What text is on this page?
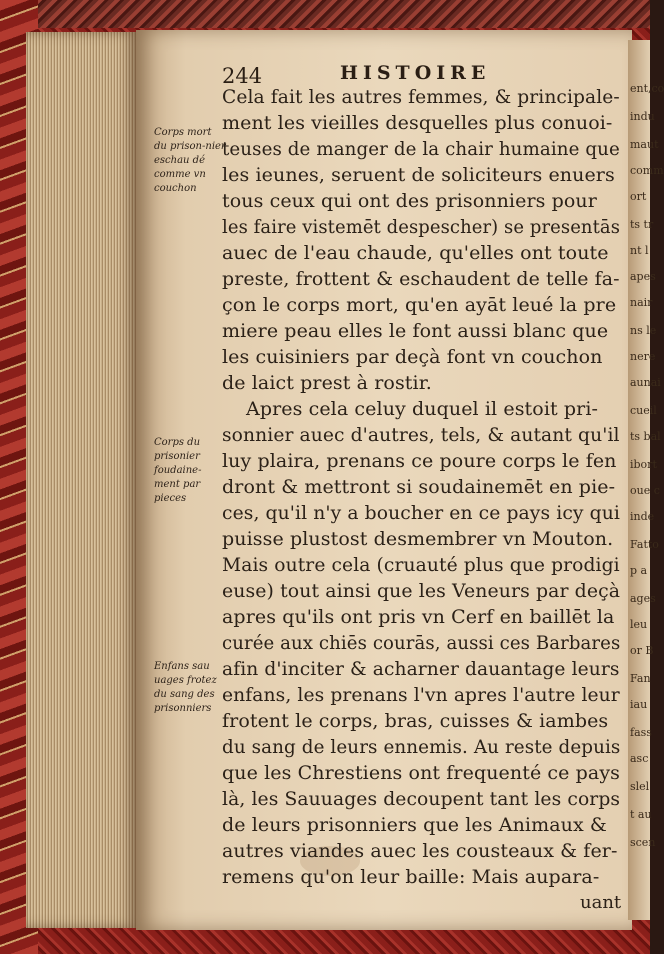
ent,co
indu
maut
comm
ort
ts tr
nt l
apes
nair
ns le
nere
aunai
cueil
ts bal
ibort
oue c
inde
Fatto
p a
ages
leu
or B
Fan
iau
fass
asc
slel
t au
scen
244	HISTOIRE
Corps mort du prison-nier eschau dé comme vn couchon
Corps du prisonier foudaine-ment par pieces
Enfans sau uages frotez du sang des prisonniers
Cela fait les autres femmes, & principale-
ment les vieilles desquelles plus conuoi-
teuses de manger de la chair humaine que
les ieunes, seruent de soliciteurs enuers
tous ceux qui ont des prisonniers pour
les faire vistemēt despescher) se presentās
auec de l'eau chaude, qu'elles ont toute
preste, frottent & eschaudent de telle fa-
çon le corps mort, qu'en ayāt leué la pre
miere peau elles le font aussi blanc que
les cuisiniers par deçà font vn couchon
de laict prest à rostir.
Apres cela celuy duquel il estoit pri-
sonnier auec d'autres, tels, & autant qu'il
luy plaira, prenans ce poure corps le fen
dront & mettront si soudainemēt en pie-
ces, qu'il n'y a boucher en ce pays icy qui
puisse plustost desmembrer vn Mouton.
Mais outre cela (cruauté plus que prodigi
euse) tout ainsi que les Veneurs par deçà
apres qu'ils ont pris vn Cerf en baillēt la
curée aux chiēs courās, aussi ces Barbares
afin d'inciter & acharner dauantage leurs
enfans, les prenans l'vn apres l'autre leur
frotent le corps, bras, cuisses & iambes
du sang de leurs ennemis. Au reste depuis
que les Chrestiens ont frequenté ce pays
là, les Sauuages decoupent tant les corps
de leurs prisonniers que les Animaux &
autres viandes auec les cousteaux & fer-
remens qu'on leur baille: Mais aupara-
uant
